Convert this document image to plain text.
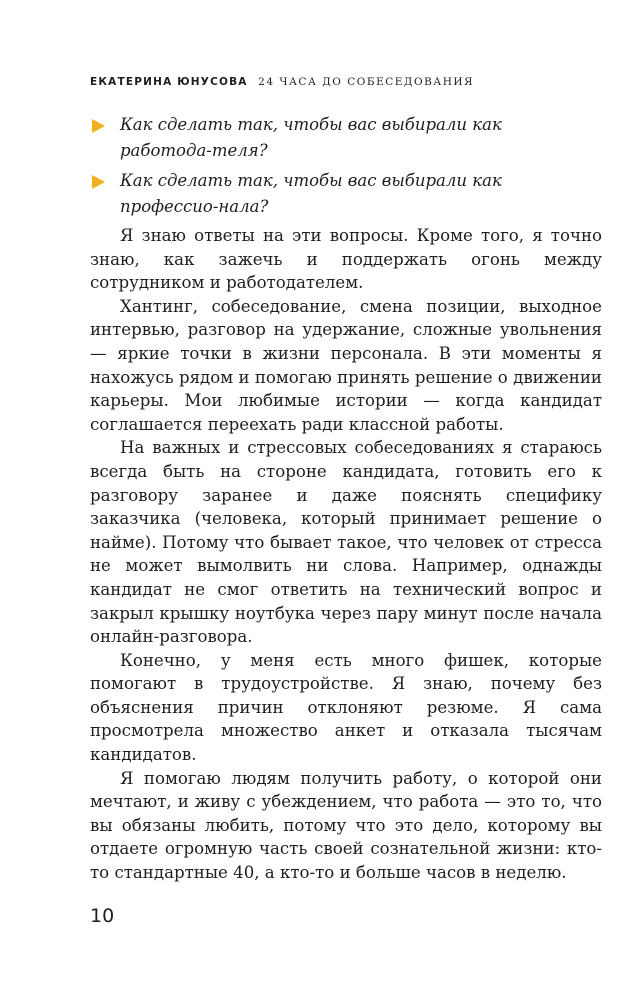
ЕКАТЕРИНА ЮНУСОВА 24 ЧАСА ДО СОБЕСЕДОВАНИЯ
Как сделать так, чтобы вас выбирали как работода-теля?
Как сделать так, чтобы вас выбирали как профессио-нала?

Я знаю ответы на эти вопросы. Кроме того, я точно знаю, как зажечь и поддержать огонь между сотрудником и работодателем.

Хантинг, собеседование, смена позиции, выходное интервью, разговор на удержание, сложные увольнения — яркие точки в жизни персонала. В эти моменты я нахожусь рядом и помогаю принять решение о движении карьеры. Мои любимые истории — когда кандидат соглашается переехать ради классной работы.

На важных и стрессовых собеседованиях я стараюсь всегда быть на стороне кандидата, готовить его к разговору заранее и даже пояснять специфику заказчика (человека, который принимает решение о найме). Потому что бывает такое, что человек от стресса не может вымолвить ни слова. Например, однажды кандидат не смог ответить на технический вопрос и закрыл крышку ноутбука через пару минут после начала онлайн-разговора.

Конечно, у меня есть много фишек, которые помогают в трудоустройстве. Я знаю, почему без объяснения причин отклоняют резюме. Я сама просмотрела множество анкет и отказала тысячам кандидатов.

Я помогаю людям получить работу, о которой они мечтают, и живу с убеждением, что работа — это то, что вы обязаны любить, потому что это дело, которому вы отдаете огромную часть своей сознательной жизни: кто-то стандартные 40, а кто-то и больше часов в неделю.

10
